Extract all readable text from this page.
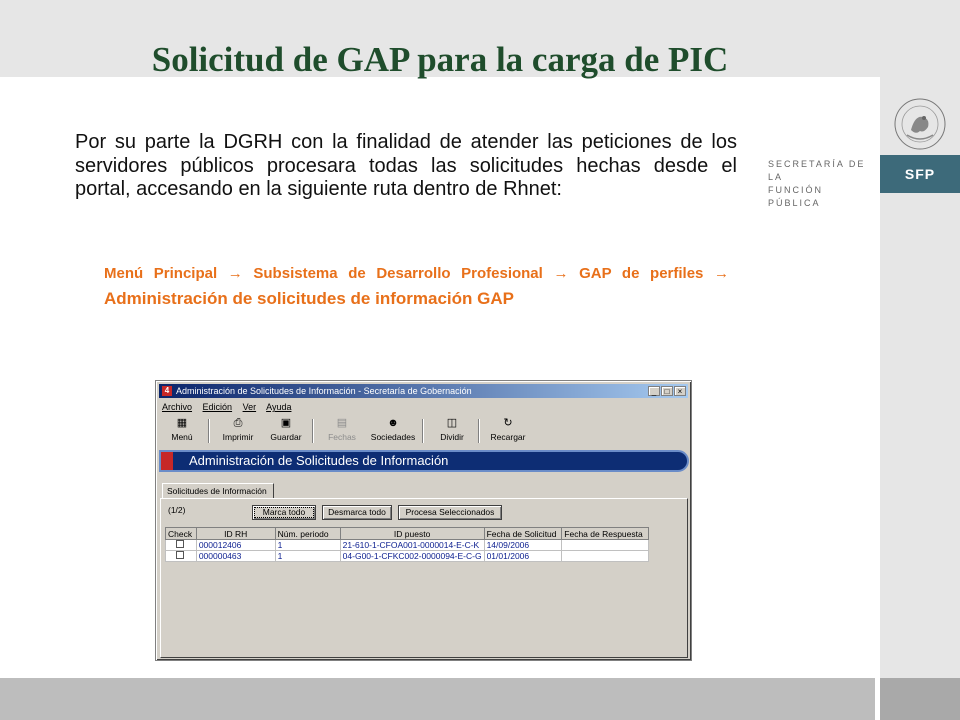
Solicitud de GAP para la carga de PIC
SECRETARÍA DE LA
FUNCIÓN PÚBLICA
SFP

Por su parte la DGRH con la finalidad de atender las peticiones de los servidores públicos procesara todas las solicitudes hechas desde el portal, accesando en la siguiente ruta dentro de Rhnet:

Menú Principal → Subsistema de Desarrollo Profesional → GAP de perfiles → Administración de solicitudes de información GAP
4 Administración de Solicitudes de Información - Secretaría de Gobernación	_	□	×
Archivo Edición Ver Ayuda
▦
Menú
⎙
Imprimir
▣
Guardar
▤
Fechas
☻
Sociedades
◫
Dividir
↻
Recargar
Administración de Solicitudes de Información
Solicitudes de Información
(1/2)	Marca todo	Desmarca todo	Procesa Seleccionados
Check	ID RH	Núm. periodo	ID puesto	Fecha de Solicitud	Fecha de Respuesta
	000012406	1	21-610-1-CFOA001-0000014-E-C-K	14/09/2006	
	000000463	1	04-G00-1-CFKC002-0000094-E-C-G	01/01/2006	
